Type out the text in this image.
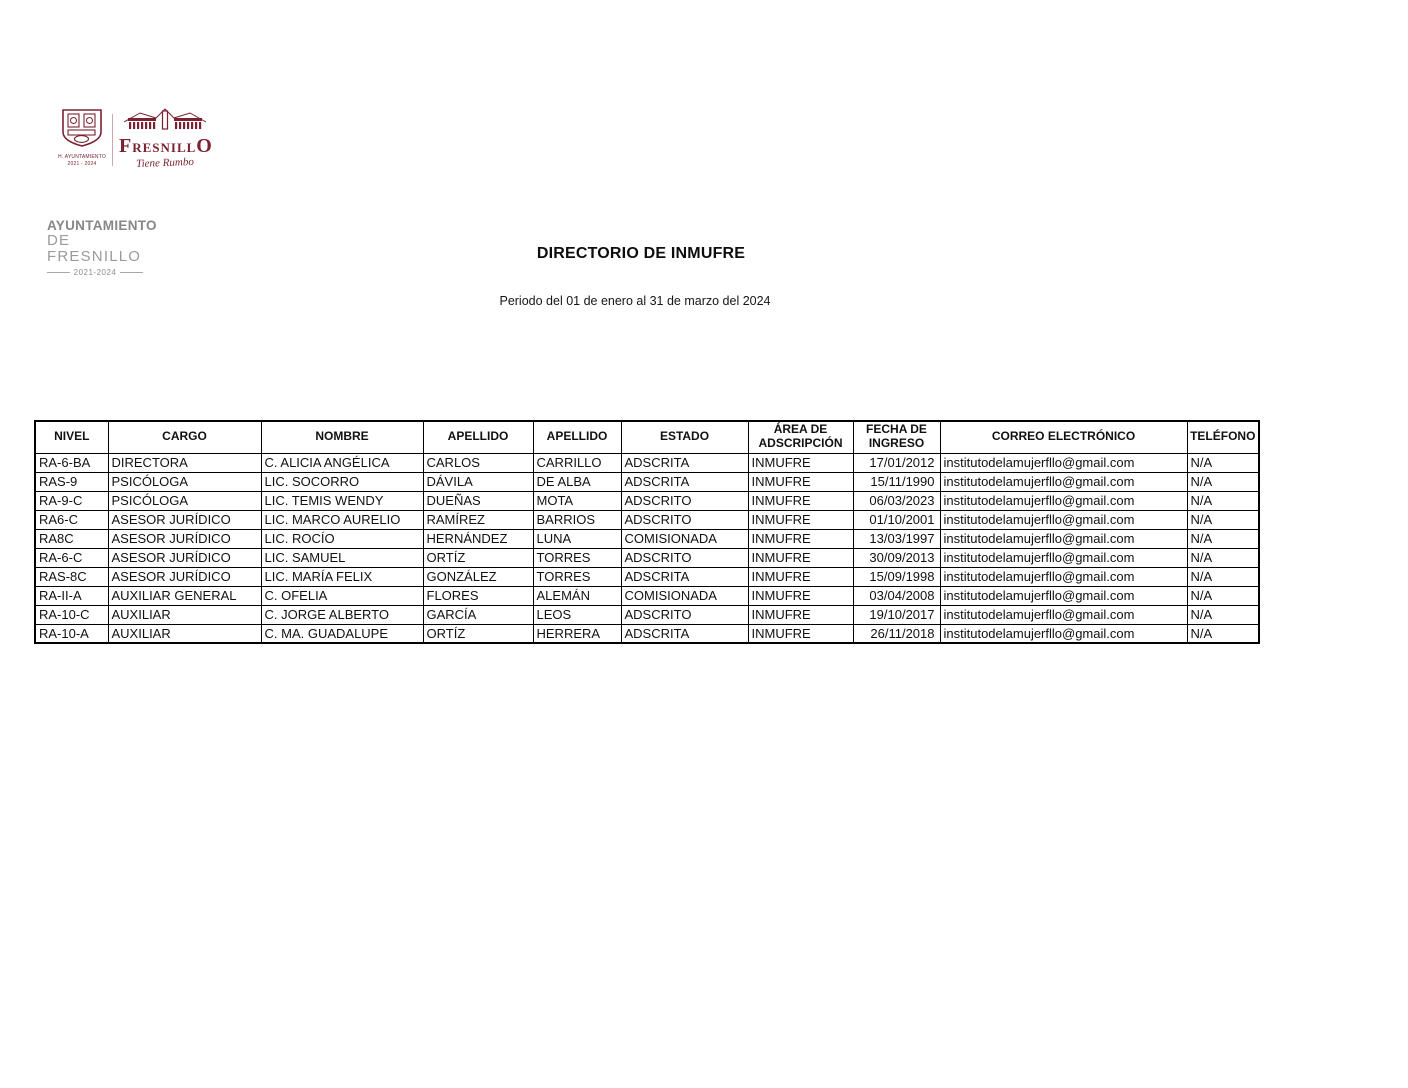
H. AYUNTAMIENTO
2021 - 2024
FRESNILLO
Tiene Rumbo
AYUNTAMIENTO
DE FRESNILLO
2021-2024
DIRECTORIO DE INMUFRE
Periodo del 01 de enero al 31 de marzo del 2024
NIVEL	CARGO	NOMBRE	APELLIDO	APELLIDO	ESTADO	ÁREA DE ADSCRIPCIÓN	FECHA DE INGRESO	CORREO ELECTRÓNICO	TELÉFONO
RA-6-BA	DIRECTORA	C. ALICIA ANGÉLICA	CARLOS	CARRILLO	ADSCRITA	INMUFRE	17/01/2012	institutodelamujerfllo@gmail.com	N/A
RAS-9	PSICÓLOGA	LIC. SOCORRO	DÁVILA	DE ALBA	ADSCRITA	INMUFRE	15/11/1990	institutodelamujerfllo@gmail.com	N/A
RA-9-C	PSICÓLOGA	LIC. TEMIS WENDY	DUEÑAS	MOTA	ADSCRITO	INMUFRE	06/03/2023	institutodelamujerfllo@gmail.com	N/A
RA6-C	ASESOR JURÍDICO	LIC. MARCO AURELIO	RAMÍREZ	BARRIOS	ADSCRITO	INMUFRE	01/10/2001	institutodelamujerfllo@gmail.com	N/A
RA8C	ASESOR JURÍDICO	LIC. ROCÍO	HERNÁNDEZ	LUNA	COMISIONADA	INMUFRE	13/03/1997	institutodelamujerfllo@gmail.com	N/A
RA-6-C	ASESOR JURÍDICO	LIC. SAMUEL	ORTÍZ	TORRES	ADSCRITO	INMUFRE	30/09/2013	institutodelamujerfllo@gmail.com	N/A
RAS-8C	ASESOR JURÍDICO	LIC. MARÍA FELIX	GONZÁLEZ	TORRES	ADSCRITA	INMUFRE	15/09/1998	institutodelamujerfllo@gmail.com	N/A
RA-II-A	AUXILIAR GENERAL	C. OFELIA	FLORES	ALEMÁN	COMISIONADA	INMUFRE	03/04/2008	institutodelamujerfllo@gmail.com	N/A
RA-10-C	AUXILIAR	C. JORGE ALBERTO	GARCÍA	LEOS	ADSCRITO	INMUFRE	19/10/2017	institutodelamujerfllo@gmail.com	N/A
RA-10-A	AUXILIAR	C. MA. GUADALUPE	ORTÍZ	HERRERA	ADSCRITA	INMUFRE	26/11/2018	institutodelamujerfllo@gmail.com	N/A
